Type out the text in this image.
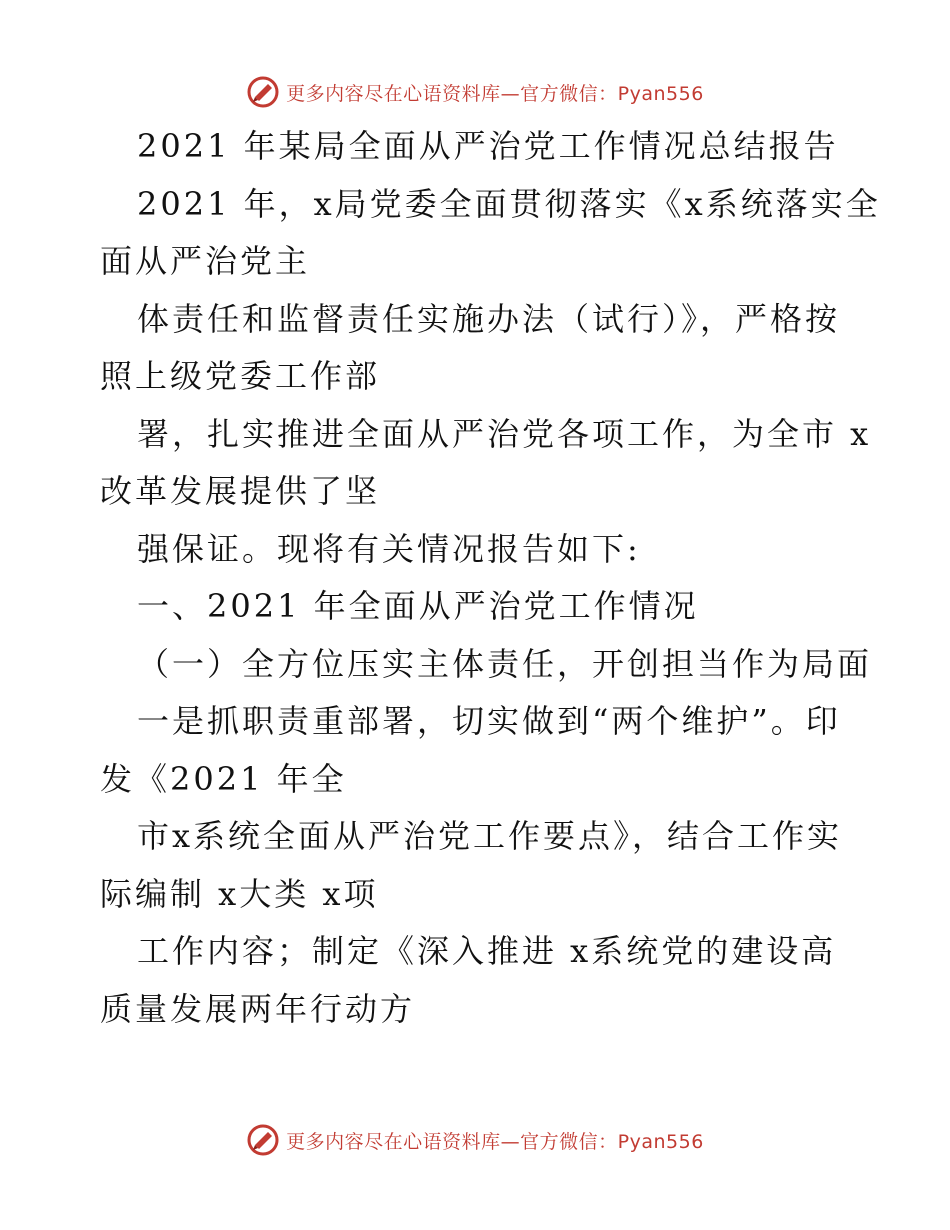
更多内容尽在心语资料库—官方微信：Pyan556
2021 年某局全面从严治党工作情况总结报告
2021 年，x局党委全面贯彻落实《x系统落实全
面从严治党主
体责任和监督责任实施办法（试行）》，严格按
照上级党委工作部
署，扎实推进全面从严治党各项工作，为全市 x
改革发展提供了坚
强保证。现将有关情况报告如下:
一、2021 年全面从严治党工作情况
（一）全方位压实主体责任，开创担当作为局面
一是抓职责重部署，切实做到“两个维护”。印
发《2021 年全
市x系统全面从严治党工作要点》，结合工作实
际编制 x大类 x项
工作内容；制定《深入推进 x系统党的建设高
质量发展两年行动方
更多内容尽在心语资料库—官方微信：Pyan556
